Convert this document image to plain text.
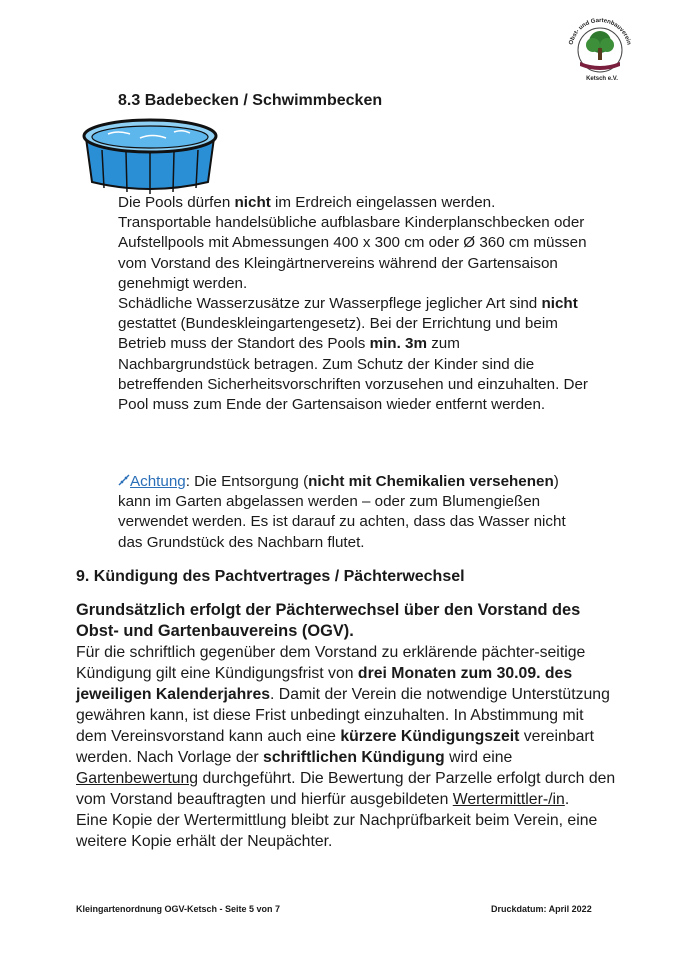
Obst- und Gartenbauverein
Ketsch e.V.
8.3 Badebecken / Schwimmbecken

Die Pools dürfen nicht im Erdreich eingelassen werden. Transportable handelsübliche aufblasbare Kinderplanschbecken oder Aufstellpools mit Abmessungen 400 x 300 cm oder Ø 360 cm müssen vom Vorstand des Kleingärtnervereins während der Gartensaison genehmigt werden.

Schädliche Wasserzusätze zur Wasserpflege jeglicher Art sind nicht gestattet (Bundeskleingartengesetz). Bei der Errichtung und beim Betrieb muss der Standort des Pools min. 3m zum Nachbargrundstück betragen. Zum Schutz der Kinder sind die betreffenden Sicherheitsvorschriften vorzusehen und einzuhalten. Der Pool muss zum Ende der Gartensaison wieder entfernt werden.

Achtung: Die Entsorgung (nicht mit Chemikalien versehenen) kann im Garten abgelassen werden – oder zum Blumengießen verwendet werden. Es ist darauf zu achten, dass das Wasser nicht das Grundstück des Nachbarn flutet.
9. Kündigung des Pachtvertrages / Pächterwechsel
Grundsätzlich erfolgt der Pächterwechsel über den Vorstand des Obst- und Gartenbauvereins (OGV).

Für die schriftlich gegenüber dem Vorstand zu erklärende pächter-seitige Kündigung gilt eine Kündigungsfrist von drei Monaten zum 30.09. des jeweiligen Kalenderjahres. Damit der Verein die notwendige Unterstützung gewähren kann, ist diese Frist unbedingt einzuhalten. In Abstimmung mit dem Vereinsvorstand kann auch eine kürzere Kündigungszeit vereinbart werden. Nach Vorlage der schriftlichen Kündigung wird eine Gartenbewertung durchgeführt. Die Bewertung der Parzelle erfolgt durch den vom Vorstand beauftragten und hierfür ausgebildeten Wertermittler-/in.

Eine Kopie der Wertermittlung bleibt zur Nachprüfbarkeit beim Verein, eine weitere Kopie erhält der Neupächter.

Kleingartenordnung OGV-Ketsch - Seite 5 von 7	Druckdatum: April 2022
